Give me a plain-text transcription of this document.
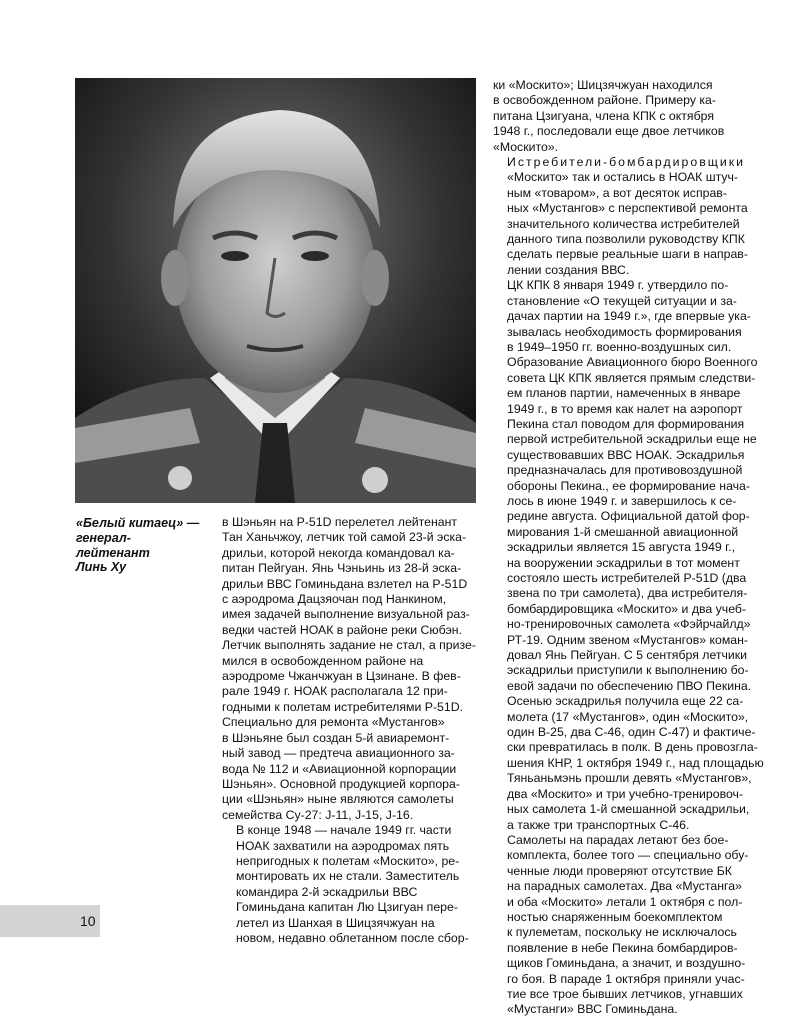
«Белый китаец» —
генерал-
лейтенант
Линь Ху

в Шэньян на Р-51D перелетел лейтенант
Тан Ханьчжоу, летчик той самой 23-й эска-
дрильи, которой некогда командовал ка-
питан Пейгуан. Янь Чэньинь из 28-й эска-
дрильи ВВС Гоминьдана взлетел на Р-51D
с аэродрома Дацзяочан под Нанкином,
имея задачей выполнение визуальной раз-
ведки частей НОАК в районе реки Сюбэн.
Летчик выполнять задание не стал, а призе-
мился в освобожденном районе на
аэродроме Чжанчжуан в Цзинане. В фев-
рале 1949 г. НОАК располагала 12 при-
годными к полетам истребителями Р-51D.
Специально для ремонта «Мустангов»
в Шэньяне был создан 5-й авиаремонт-
ный завод — предтеча авиационного за-
вода № 112 и «Авиационной корпорации
Шэньян». Основной продукцией корпора-
ции «Шэньян» ныне являются самолеты
семейства Су-27: J-11, J-15, J-16.

В конце 1948 — начале 1949 гг. части
НОАК захватили на аэродромах пять
непригодных к полетам «Москито», ре-
монтировать их не стали. Заместитель
командира 2-й эскадрильи ВВС
Гоминьдана капитан Лю Цзигуан пере-
летел из Шанхая в Шицзячжуан на
новом, недавно облетанном после сбор-

ки «Москито»; Шицзячжуан находился
в освобожденном районе. Примеру ка-
питана Цзигуана, члена КПК с октября
1948 г., последовали еще двое летчиков
«Москито».

Истребители-бомбардировщики
«Москито» так и остались в НОАК штуч-
ным «товаром», а вот десяток исправ-
ных «Мустангов» с перспективой ремонта
значительного количества истребителей
данного типа позволили руководству КПК
сделать первые реальные шаги в направ-
лении создания ВВС.

ЦК КПК 8 января 1949 г. утвердило по-
становление «О текущей ситуации и за-
дачах партии на 1949 г.», где впервые ука-
зывалась необходимость формирования
в 1949–1950 гг. военно-воздушных сил.
Образование Авиационного бюро Военного
совета ЦК КПК является прямым следстви-
ем планов партии, намеченных в январе
1949 г., в то время как налет на аэропорт
Пекина стал поводом для формирования
первой истребительной эскадрильи еще не
существовавших ВВС НОАК. Эскадрилья
предназначалась для противовоздушной
обороны Пекина., ее формирование нача-
лось в июне 1949 г. и завершилось к се-
редине августа. Официальной датой фор-
мирования 1-й смешанной авиационной
эскадрильи является 15 августа 1949 г.,
на вооружении эскадрильи в тот момент
состояло шесть истребителей Р-51D (два
звена по три самолета), два истребителя-
бомбардировщика «Москито» и два учеб-
но-тренировочных самолета «Фэйрчайлд»
РТ-19. Одним звеном «Мустангов» коман-
довал Янь Пейгуан. С 5 сентября летчики
эскадрильи приступили к выполнению бо-
евой задачи по обеспечению ПВО Пекина.
Осенью эскадрилья получила еще 22 са-
молета (17 «Мустангов», один «Москито»,
один В-25, два С-46, один С-47) и фактиче-
ски превратилась в полк. В день провозгла-
шения КНР, 1 октября 1949 г., над площадью
Тяньаньмэнь прошли девять «Мустангов»,
два «Москито» и три учебно-тренировоч-
ных самолета 1-й смешанной эскадрильи,
а также три транспортных С-46.

Самолеты на парадах летают без боe-
комплекта, более того — специально обу-
ченные люди проверяют отсутствие БК
на парадных самолетах. Два «Мустанга»
и оба «Москито» летали 1 октября с пол-
ностью снаряженным боекомплектом
к пулеметам, поскольку не исключалось
появление в небе Пекина бомбардиров-
щиков Гоминьдана, а значит, и воздушно-
го боя. В параде 1 октября приняли учас-
тие все трое бывших летчиков, угнавших
«Мустанги» ВВС Гоминьдана.

10
